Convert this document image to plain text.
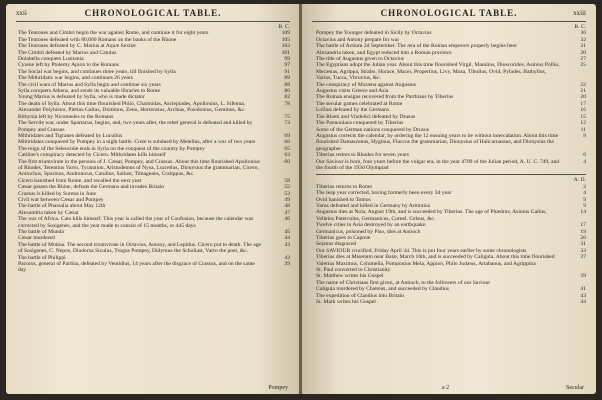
xxii	CHRONOLOGICAL TABLE.
B. C.
The Teutones and Cimbri begin the war against Rome, and continue it for eight years	109
The Teutones defeated with 80,000 Romans on the banks of the Rhone	105
The Teutones defeated by C. Marius at Aquæ Sextiæ	102
The Cimbri defeated by Marius and Catulus	101
Dolabella conquers Lusitania	99
Cyrene left by Ptolemy Apion to the Romans	97
The Social war begins, and continues three years, till finished by Sylla	91
The Mithridatic war begins, and continues 26 years	89
The civil wars of Marius and Sylla begin and continue six years	88
Sylla conquers Athens, and sends its valuable libraries to Rome	86
Young Marius is defeated by Sylla, who is made dictator	82
The death of Sylla. About this time flourished Philo, Charmidas, Asclepiades, Apollonius, L. Sifenna, Alexander Polyhistor, Pletius Gallus, Diotimus, Zeno, Hortensius, Archias, Posidonius, Geminus, &c.
78
Bithynia left by Nicomedes to the Romans	75
The Servile war, under Spartacus, begins, and, two years after, the rebel general is defeated and killed by Pompey and Crassus
73
Mithridates and Tigranes defeated by Lucullus	69
Mithridates conquered by Pompey in a night battle. Crete is subdued by Metellus, after a war of two years	66
The reign of the Seleucidæ ends in Syria on the conquest of the country by Pompey	65
Catiline's conspiracy detected by Cicero. Mithridates kills himself	63
The first triumvirate in the persons of J. Cæsar, Pompey, and Crassus. About this time flourished Apollonius of Rhodes, Terentius Varro, Tyrannion, Aristodemus of Nysa, Lucretius, Dionysius the grammarian, Cicero, Antiochus, Spurinus, Andronicus, Catullus, Sallust, Timagenes, Craitppus, &c.
60
Cicero banished from Rome, and recalled the next year	58
Cæsar passes the Rhine, defeats the Germans and invades Britain	55
Crassus is killed by Surena in June	53
Civil war between Cæsar and Pompey	49
The battle of Pharsalia about May 12th	48
Alexandria taken by Cæsar	47
The war of Africa. Cato kills himself. This year is called the year of Confusion, because the calendar was corrected by Sosigenes, and the year made to consist of 15 months, or 445 days
46
The battle of Munda	45
Cæsar murdered	44
The battle of Mutina. The second triumvirate in Octavius, Antony, and Lepidus. Cicero put to death. The age of Sosigenes, C. Nepos, Diodorus Siculus, Trogus Pompey, Didymus the Scholiast, Varro the poet, &c.
43
The battle of Philippi	42
Pacorus, general of Parthia, defeated by Ventidius, 14 years after the disgrace of Crassus, and on the same day
39
Pompey
CHRONOLOGICAL TABLE.	xxiii
B. C.
Pompey the Younger defeated in Sicily by Octavius	36
Octavius and Antony prepare for war	32
The battle of Actium 2d September. The æra of the Roman emperors properly begins here	31
Alexandria taken, and Egypt reduced into a Roman province	30
The title of Augustus given to Octavius	27
The Egyptians adopt the Julian year. About this time flourished Virgil, Manilius, Dioscorides, Asinius Pollio, Mecænas, Agrippa, Strabo, Horace, Macer, Propertius, Livy, Musa, Tibullus, Ovid, Pylades, Bathyllus, Varius, Tucca, Vitruvius, &c.
25
The conspiracy of Muræna against Augustus	22
Augustus visits Greece and Asia	21
The Roman ensigns recovered from the Parthians by Tiberius	20
The secular games celebrated at Rome	17
Lollius defeated by the Germans	16
The Rhæti and Vindelici defeated by Drusus	15
The Pannonians conquered by Tiberius	12
Some of the German nations conquered by Drusus	11
Augustus corrects the calendar, by ordering the 12 ensuing years to be without intercalation. About this time flourished Damascenus, Hyginus, Flaccus the grammarian, Dionysius of Halicarnassus, and Dionysius the geographer
8
Tiberius retires to Rhodes for seven years	6
Our Saviour is born, four years before the vulgar era, in the year 4709 of the Julian period, A. U. C. 749, and the fourth of the 193d Olympiad
4
A. D.
Tiberius returns to Rome	2
The leap year corrected, having formerly been every 3d year	4
Ovid banished to Tomos	9
Varus defeated and killed in Germany by Arminius	9
Augustus dies at Nola, August 19th, and is succeeded by Tiberius. The age of Phædrus, Asinius Gallus, Velleius Paterculus, Germanicus, Cornel. Celsus, &c.
14
Twelve cities in Asia destroyed by an earthquake	17
Germanicus, poisoned by Piso, dies at Antioch	19
Tiberius goes to Capreæ	26
Sejanus disgraced	31
Our SAVIOUR crucified, Friday April 3d. This is put four years earlier by some chronologists	33
Tiberius dies at Misenum near Baiæ, March 16th, and is succeeded by Caligula. About this time flourished Valerius Maximus, Columella, Pomponius Mela, Appion, Philo Judæus, Artabanus, and Agrippina
37
St. Paul converted to Christianity
St. Matthew writes his Gospel	39
The name of Christians first given, at Antioch, to the followers of our Saviour
Caligula murdered by Chæreas, and succeeded by Claudius	41
The expedition of Claudius into Britain	43
St. Mark writes his Gospel	44
a 2	Secular
